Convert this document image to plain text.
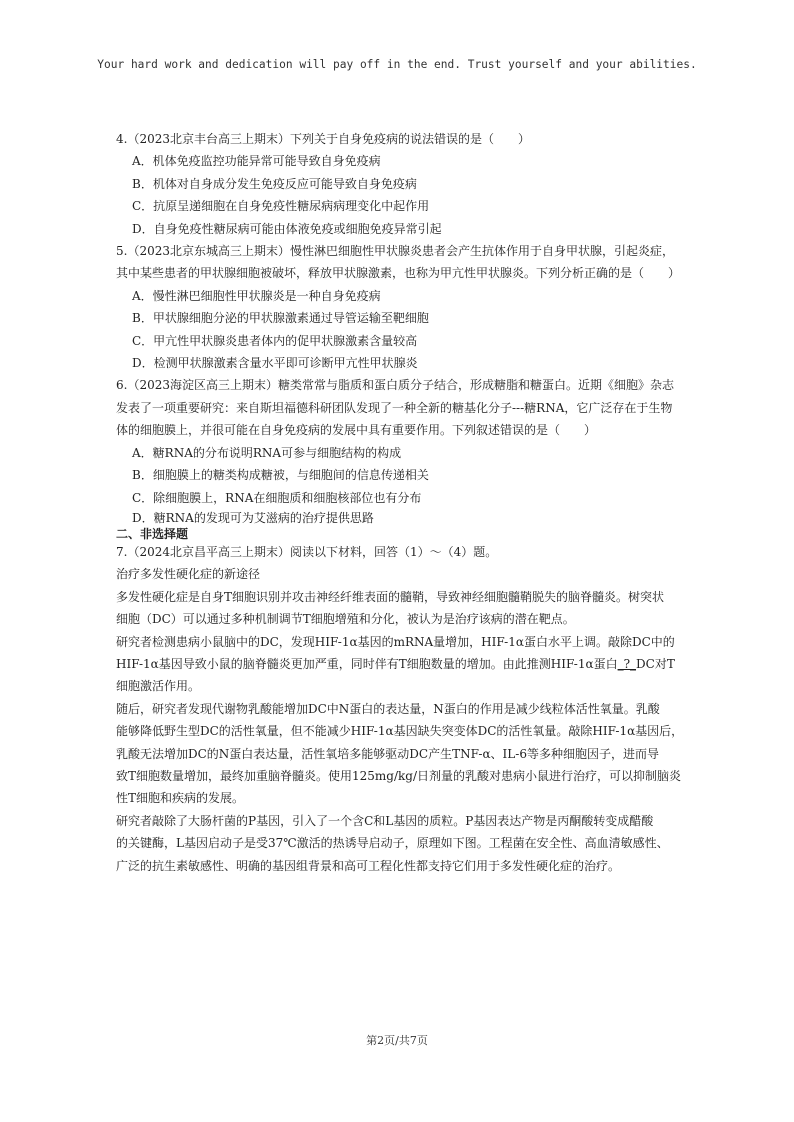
Your hard work and dedication will pay off in the end. Trust yourself and your abilities.

4.（2023北京丰台高三上期末）下列关于自身免疫病的说法错误的是（　　）

A．机体免疫监控功能异常可能导致自身免疫病

B．机体对自身成分发生免疫反应可能导致自身免疫病

C．抗原呈递细胞在自身免疫性糖尿病病理变化中起作用

D．自身免疫性糖尿病可能由体液免疫或细胞免疫异常引起

5.（2023北京东城高三上期末）慢性淋巴细胞性甲状腺炎患者会产生抗体作用于自身甲状腺，引起炎症，

其中某些患者的甲状腺细胞被破坏，释放甲状腺激素，也称为甲亢性甲状腺炎。下列分析正确的是（　　）

A．慢性淋巴细胞性甲状腺炎是一种自身免疫病

B．甲状腺细胞分泌的甲状腺激素通过导管运输至靶细胞

C．甲亢性甲状腺炎患者体内的促甲状腺激素含量较高

D．检测甲状腺激素含量水平即可诊断甲亢性甲状腺炎

6.（2023海淀区高三上期末）糖类常常与脂质和蛋白质分子结合，形成糖脂和糖蛋白。近期《细胞》杂志

发表了一项重要研究：来自斯坦福德科研团队发现了一种全新的糖基化分子---糖RNA，它广泛存在于生物

体的细胞膜上，并很可能在自身免疫病的发展中具有重要作用。下列叙述错误的是（　　）

A．糖RNA的分布说明RNA可参与细胞结构的构成

B．细胞膜上的糖类构成糖被，与细胞间的信息传递相关

C．除细胞膜上，RNA在细胞质和细胞核部位也有分布

D．糖RNA的发现可为艾滋病的治疗提供思路

二、非选择题

7.（2024北京昌平高三上期末）阅读以下材料，回答（1）～（4）题。

治疗多发性硬化症的新途径

多发性硬化症是自身T细胞识别并攻击神经纤维表面的髓鞘，导致神经细胞髓鞘脱失的脑脊髓炎。树突状

细胞（DC）可以通过多种机制调节T细胞增殖和分化，被认为是治疗该病的潜在靶点。

研究者检测患病小鼠脑中的DC，发现HIF-1α基因的mRNA量增加，HIF-1α蛋白水平上调。敲除DC中的

HIF-1α基因导致小鼠的脑脊髓炎更加严重，同时伴有T细胞数量的增加。由此推测HIF-1α蛋白_?_DC对T

细胞激活作用。

随后，研究者发现代谢物乳酸能增加DC中N蛋白的表达量，N蛋白的作用是减少线粒体活性氧量。乳酸

能够降低野生型DC的活性氧量，但不能减少HIF-1α基因缺失突变体DC的活性氧量。敲除HIF-1α基因后，

乳酸无法增加DC的N蛋白表达量，活性氧培多能够驱动DC产生TNF-α、IL-6等多种细胞因子，进而导

致T细胞数量增加，最终加重脑脊髓炎。使用125mg/kg/日剂量的乳酸对患病小鼠进行治疗，可以抑制脑炎

性T细胞和疾病的发展。

研究者敲除了大肠杆菌的P基因，引入了一个含C和L基因的质粒。P基因表达产物是丙酮酸转变成醋酸

的关键酶，L基因启动子是受37℃激活的热诱导启动子，原理如下图。工程菌在安全性、高血清敏感性、

广泛的抗生素敏感性、明确的基因组背景和高可工程化性都支持它们用于多发性硬化症的治疗。

第2页/共7页
